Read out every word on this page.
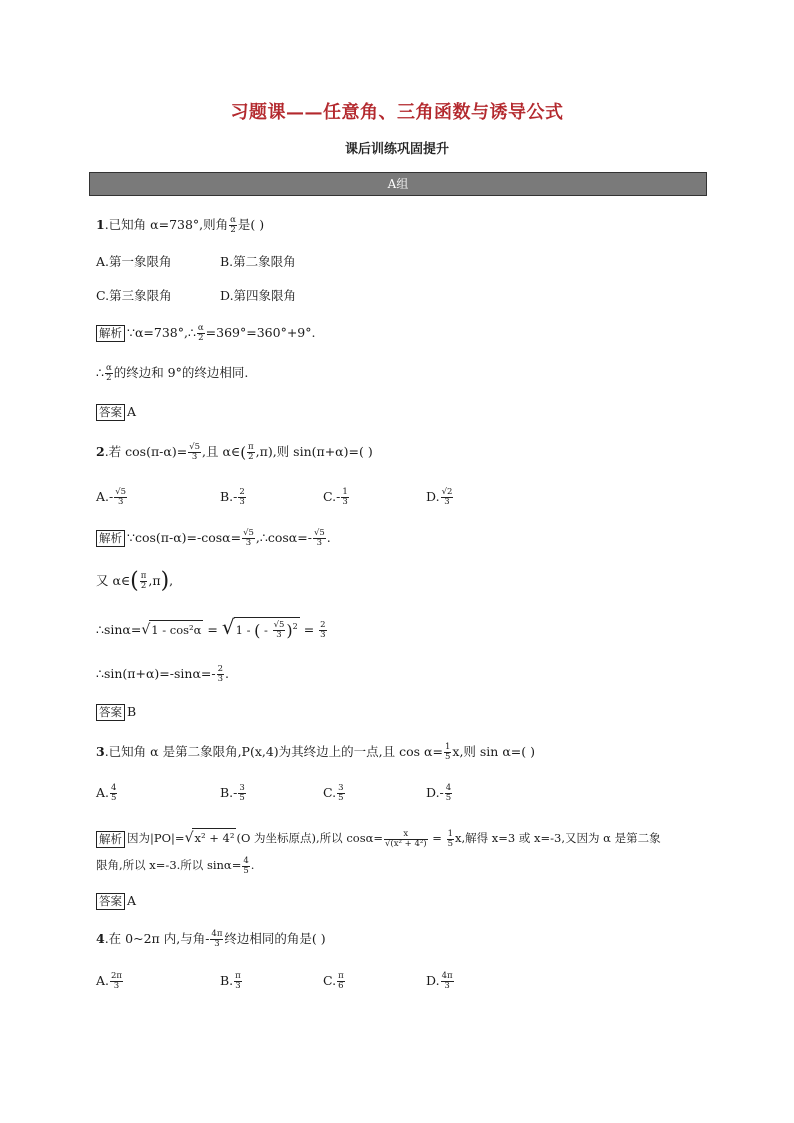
习题课——任意角、三角函数与诱导公式
课后训练巩固提升
A组
1.已知角 α=738°,则角 $\frac{\alpha}{2}$ 是( )
A.第一象限角	B.第二象限角
C.第三象限角	D.第四象限角
解析 ∵α=738°,∴ $\frac{\alpha}{2} =369^\circ=360^\circ+9^\circ$.
∴ $\frac{\alpha}{2}$ 的终边和 9°的终边相同.
答案 A
2.若 $\cos(\pi-\alpha)= \frac{√5}{3}$ ,且 α∈( $\frac{\pi}{2} ,\pi$),则 sin(π+α)=( )
$A.- \frac{√5}{3}$	$B.- \frac{2}{3}$	$C.- \frac{1}{3}$	D. $\frac{√2}{3}$
解析 ∵cos(π-α)=-cosα= $\frac{√5}{3}$ ,∴cosα=- $\frac{√5}{3}$ .
又 α∈( $\frac{\pi}{2} ,\pi$),
∴sinα=√1 - cos²α = √1 - ( - $\frac{√5}{3} )^2 = \frac{2}{3}$
∴sin(π+α)=-sinα=- $\frac{2}{3}$ .
答案 B
3.已知角 α 是第二象限角,P(x,4)为其终边上的一点,且 $\cos \alpha= \frac{1}{5} x$,则 sin α=( )
A. $\frac{4}{5}$	$B.- \frac{3}{5}$	C. $\frac{3}{5}$	$D.- \frac{4}{5}$
解析 因为|PO|=√x² + 4² (O 为坐标原点),所以 $\cos\alpha= \frac{x}{\text{√(x² + 4²)}} = \frac{1}{5} x$,解得 x=3 或 x=-3,又因为 α 是第二象
限角,所以 x=-3.所以 $\sin\alpha= \frac{4}{5}$ .
答案 A
4.在 0~2π 内,与角- $\frac{4\pi}{3}$ 终边相同的角是( )
A. $\frac{2\pi}{3}$	B. $\frac{\pi}{3}$	C. $\frac{\pi}{6}$	D. $\frac{4\pi}{3}$
